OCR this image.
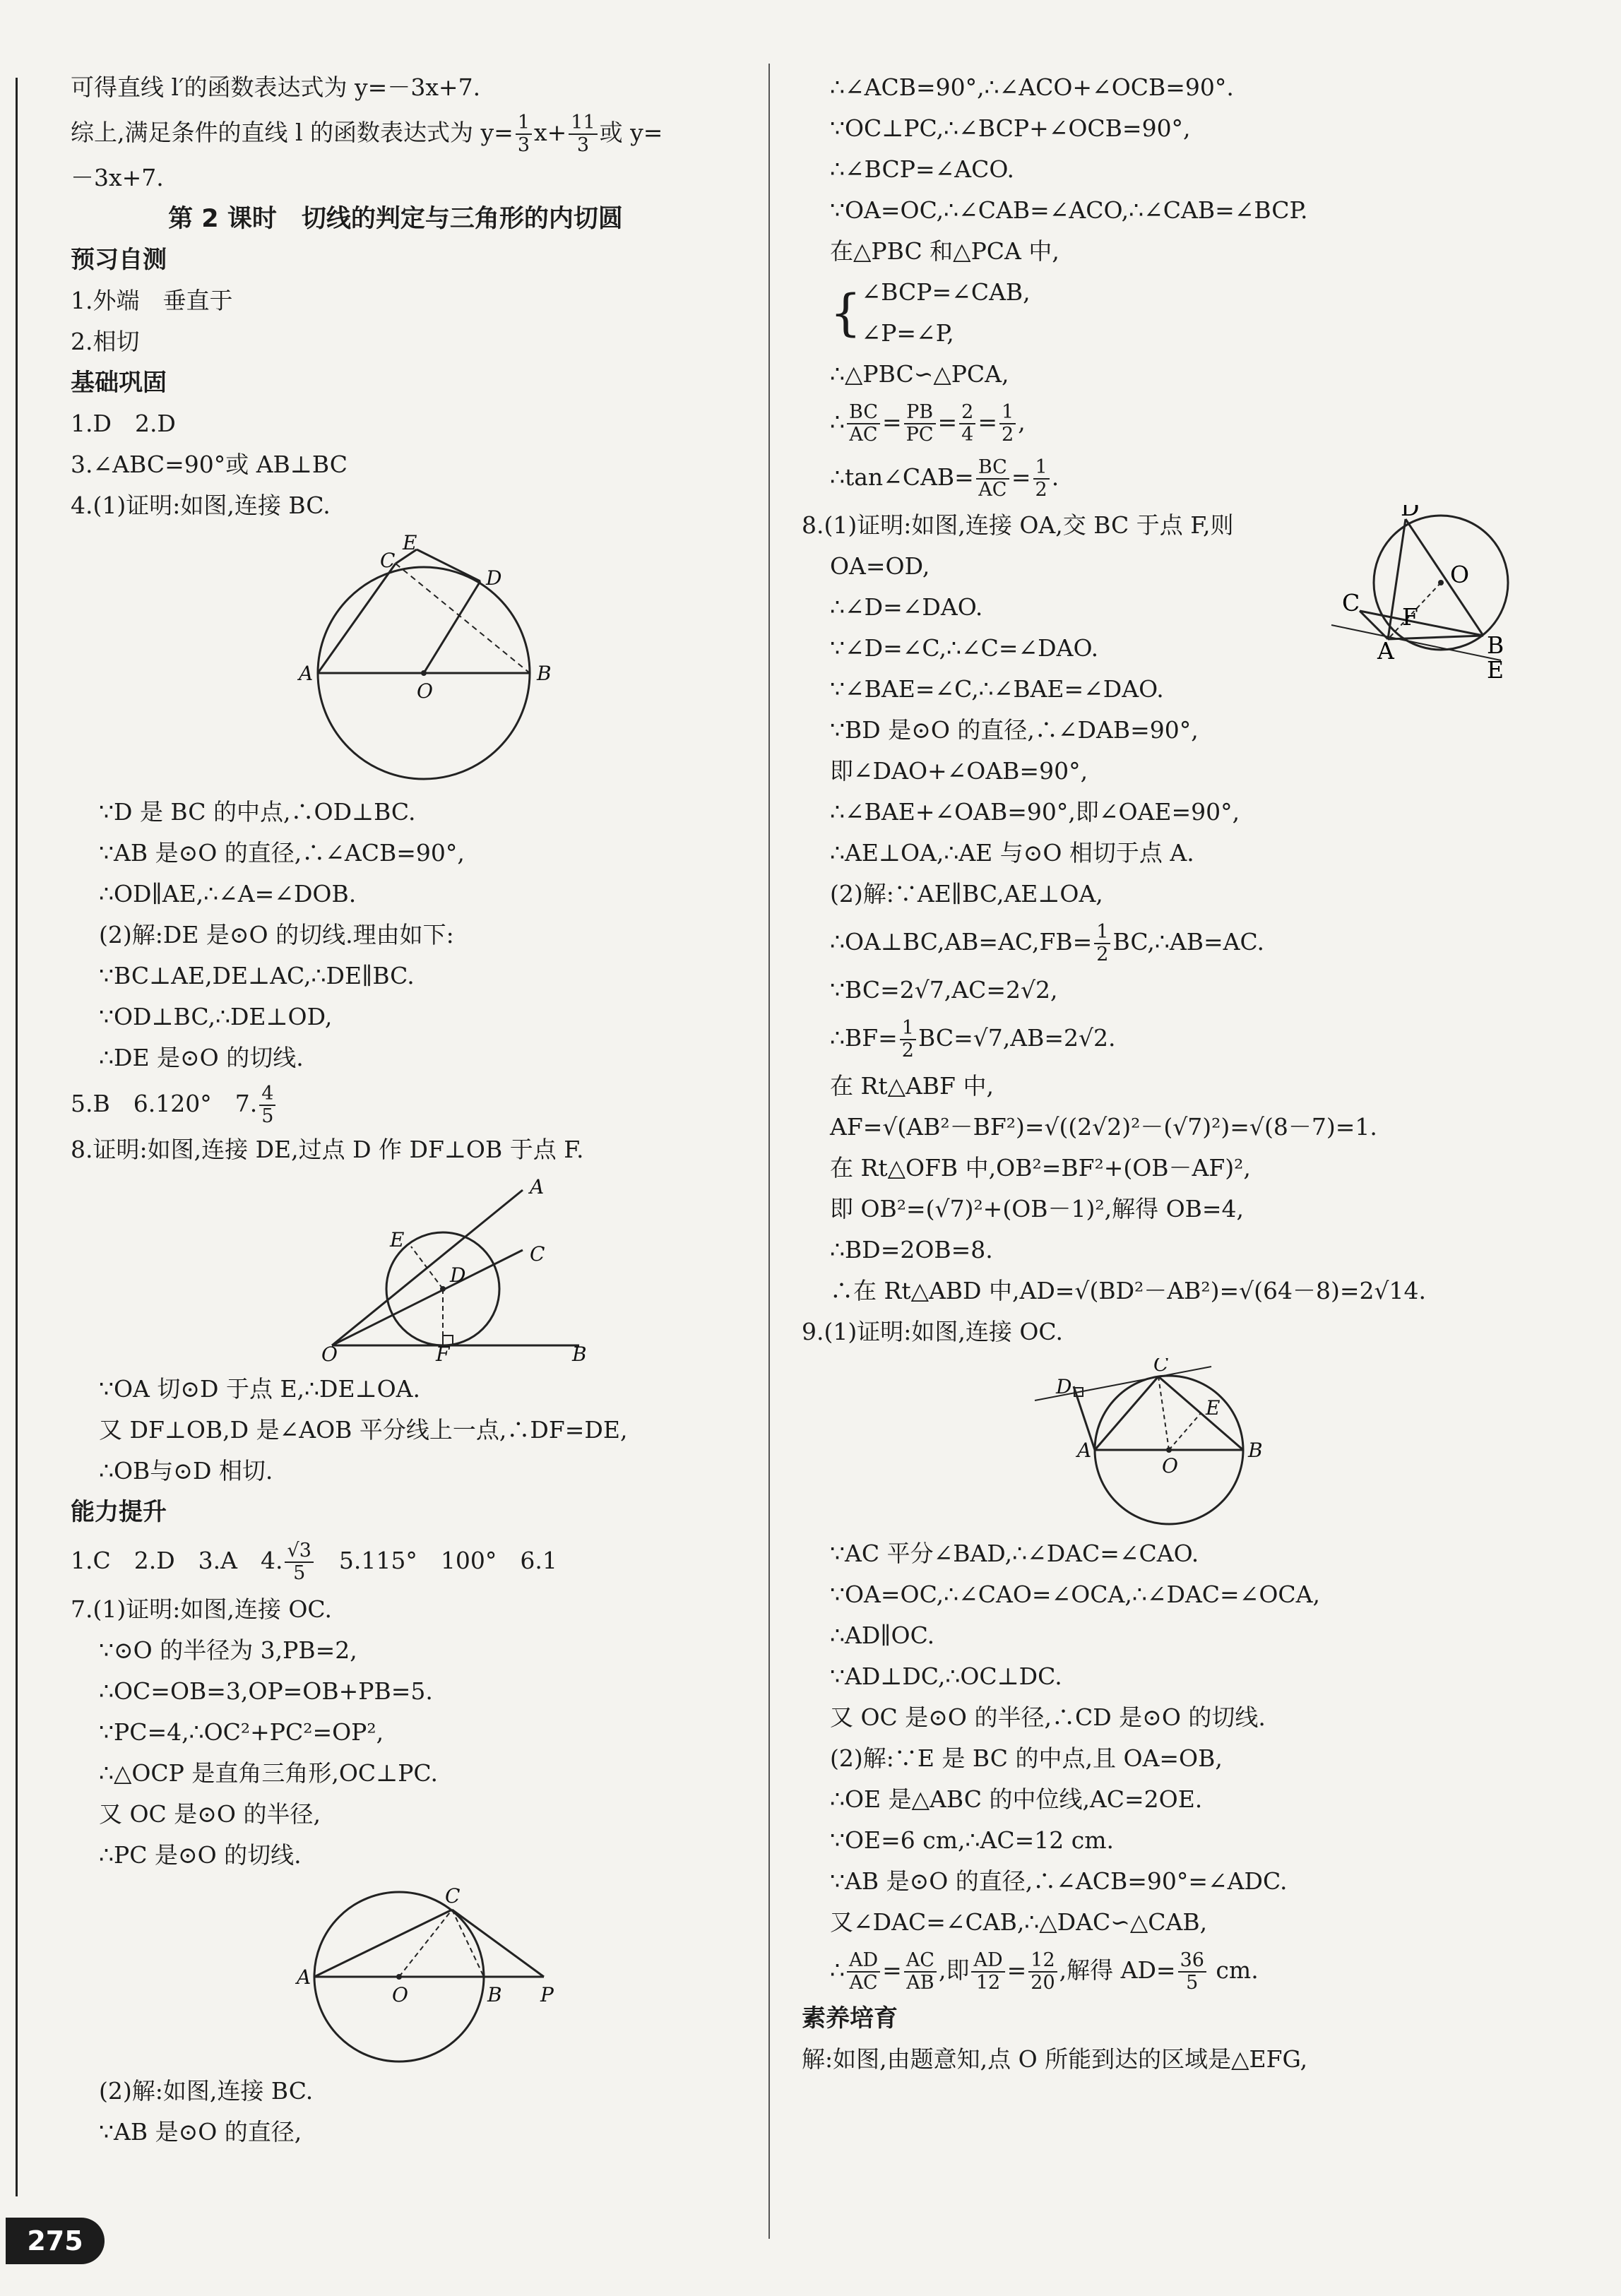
可得直线 l′的函数表达式为 y=－3x+7.
综上,满足条件的直线 l 的函数表达式为 $y= \frac{1}{3} x+ \frac{11}{3}$ 或 y=
－3x+7.
第 2 课时　切线的判定与三角形的内切圆
预习自测
1.外端　垂直于
2.相切
基础巩固
1.D　2.D
3.∠ABC=90°或 AB⊥BC
4.(1)证明:如图,连接 BC.
E
C
D
A
O
B
∵D 是 BC 的中点,∴OD⊥BC.
∵AB 是⊙O 的直径,∴∠ACB=90°,
∴OD∥AE,∴∠A=∠DOB.
(2)解:DE 是⊙O 的切线.理由如下:
∵BC⊥AE,DE⊥AC,∴DE∥BC.
∵OD⊥BC,∴DE⊥OD,
∴DE 是⊙O 的切线.
5.B　6.120°　7. $\frac{4}{5}$
8.证明:如图,连接 DE,过点 D 作 DF⊥OB 于点 F.
A
E
D
C
O	F	B
∵OA 切⊙D 于点 E,∴DE⊥OA.
又 DF⊥OB,D 是∠AOB 平分线上一点,∴DF=DE,
∴OB与⊙D 相切.
能力提升
1.C　2.D　3.A　4. $\frac{√3}{5}$
　 5.115°　100°　6.1
7.(1)证明:如图,连接 OC.
∵⊙O 的半径为 3,PB=2,
∴OC=OB=3,OP=OB+PB=5.
∵PC=4,∴OC²+PC²=OP²,
∴△OCP 是直角三角形,OC⊥PC.
又 OC 是⊙O 的半径,
∴PC 是⊙O 的切线.
C
A
O	B P
(2)解:如图,连接 BC.
∵AB 是⊙O 的直径,
∴∠ACB=90°,∴∠ACO+∠OCB=90°.
∵OC⊥PC,∴∠BCP+∠OCB=90°,
∴∠BCP=∠ACO.
∵OA=OC,∴∠CAB=∠ACO,∴∠CAB=∠BCP.
在△PBC 和△PCA 中,
{ ∠BCP=∠CAB,
∠P=∠P,
∴△PBC∽△PCA,
∴ $\frac{BC}{AC} = \frac{PB}{PC} = \frac{2}{4} = \frac{1}{2}$ ,
∴tan∠CAB= $\frac{BC}{AC} = \frac{1}{2}$ .
D
O
C
F
A	B
E
8.(1)证明:如图,连接 OA,交 BC 于点 F,则
OA=OD,
∴∠D=∠DAO.
∵∠D=∠C,∴∠C=∠DAO.
∵∠BAE=∠C,∴∠BAE=∠DAO.
∵BD 是⊙O 的直径,∴∠DAB=90°,
即∠DAO+∠OAB=90°,
∴∠BAE+∠OAB=90°,即∠OAE=90°,
∴AE⊥OA,∴AE 与⊙O 相切于点 A.
(2)解:∵AE∥BC,AE⊥OA,
∴OA⊥BC,AB=AC,FB= $\frac{1}{2}$ BC,∴AB=AC.
∵BC=2√7,AC=2√2,
∴BF= $\frac{1}{2} BC=√7,AB=2√2$.
在 Rt△ABF 中,
AF=√(AB²－BF²)=√((2√2)²－(√7)²)=√(8－7)=1.
在 Rt△OFB 中,OB²=BF²+(OB－AF)²,
即 OB²=(√7)²+(OB－1)²,解得 OB=4,
∴BD=2OB=8.
∴在 Rt△ABD 中,AD=√(BD²－AB²)=√(64－8)=2√14.
9.(1)证明:如图,连接 OC.
D
C
E
A
O
B
∵AC 平分∠BAD,∴∠DAC=∠CAO.
∵OA=OC,∴∠CAO=∠OCA,∴∠DAC=∠OCA,
∴AD∥OC.
∵AD⊥DC,∴OC⊥DC.
又 OC 是⊙O 的半径,∴CD 是⊙O 的切线.
(2)解:∵E 是 BC 的中点,且 OA=OB,
∴OE 是△ABC 的中位线,AC=2OE.
∵OE=6 cm,∴AC=12 cm.
∵AB 是⊙O 的直径,∴∠ACB=90°=∠ADC.
又∠DAC=∠CAB,∴△DAC∽△CAB,
∴ $\frac{AD}{AC} = \frac{AC}{AB}$ ,即 $\frac{AD}{12} = \frac{12}{20}$ ,解得 $AD= \frac{36}{5}$ cm.
素养培育
解:如图,由题意知,点 O 所能到达的区域是△EFG,
275
